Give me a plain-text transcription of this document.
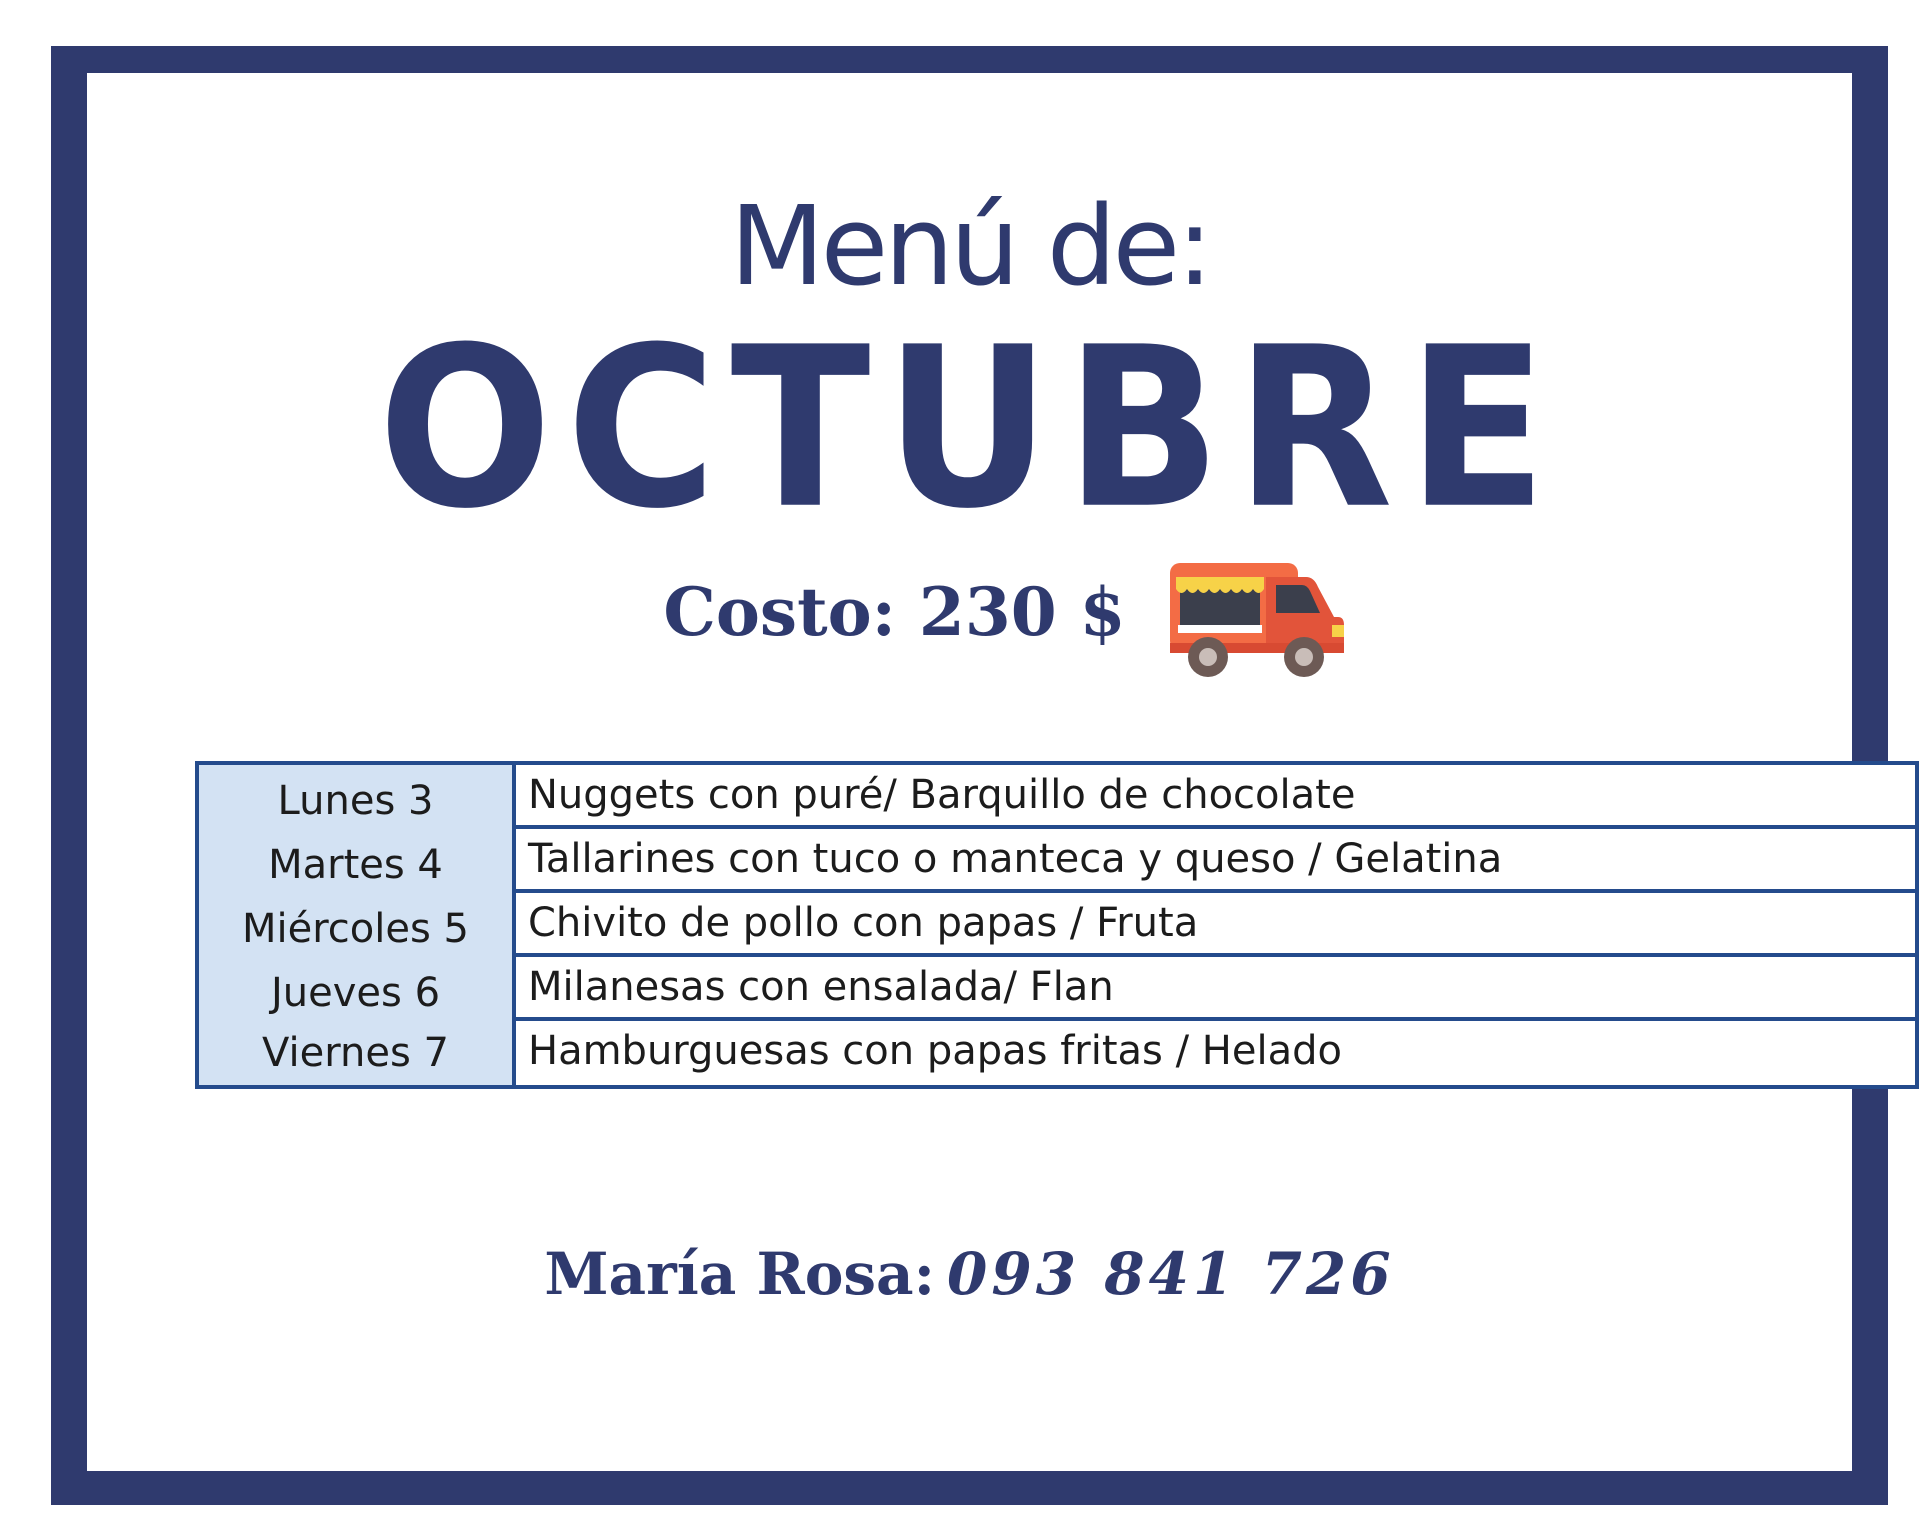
Menú de:
OCTUBRE
Costo: 230 $
Lunes 3
Martes 4
Miércoles 5
Jueves 6
Viernes 7
Nuggets con puré/ Barquillo de chocolate
Tallarines con tuco o manteca y queso / Gelatina
Chivito de pollo con papas / Fruta
Milanesas con ensalada/ Flan
Hamburguesas con papas fritas / Helado
María Rosa: 093 841 726
